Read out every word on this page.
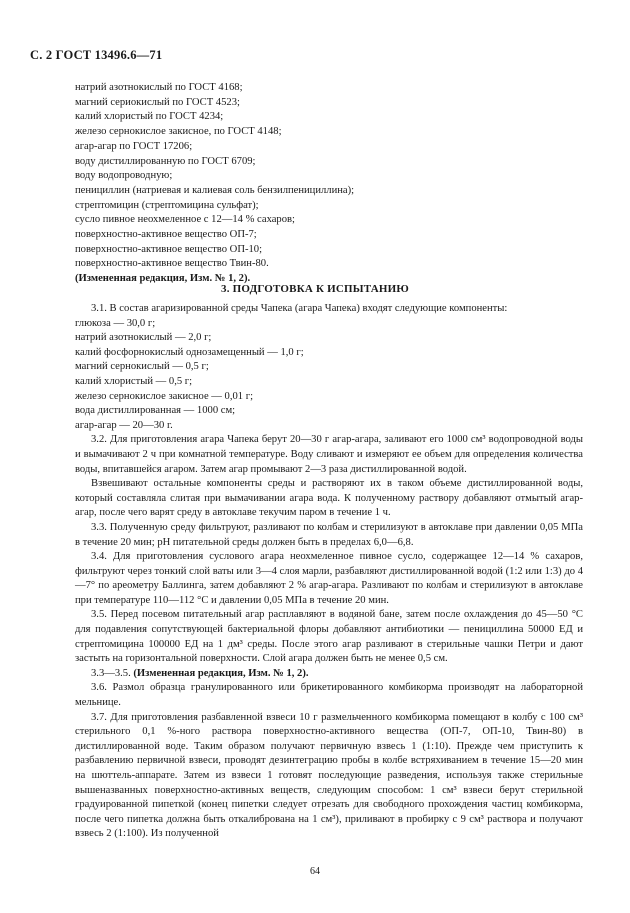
С. 2 ГОСТ 13496.6—71
натрий азотнокислый по ГОСТ 4168;
магний сериокислый по ГОСТ 4523;
калий хлористый по ГОСТ 4234;
железо сернокислое закисное, по ГОСТ 4148;
агар-агар по ГОСТ 17206;
воду дистиллированную по ГОСТ 6709;
воду водопроводную;
пенициллин (натриевая и калиевая соль бензилпенициллина);
стрептомицин (стрептомицина сульфат);
сусло пивное неохмеленное с 12—14 % сахаров;
поверхностно-активное вещество ОП-7;
поверхностно-активное вещество ОП-10;
поверхностно-активное вещество Твин-80.
(Измененная редакция, Изм. № 1, 2).
3. ПОДГОТОВКА К ИСПЫТАНИЮ

3.1. В состав агаризированной среды Чапека (агара Чапека) входят следующие компоненты:

глюкоза — 30,0 г;

натрий азотнокислый — 2,0 г;

калий фосфорнокислый однозамещенный — 1,0 г;

магний сернокислый — 0,5 г;

калий хлористый — 0,5 г;

железо сернокислое закисное — 0,01 г;

вода дистиллированная — 1000 см;

агар-агар — 20—30 г.

3.2. Для приготовления агара Чапека берут 20—30 г агар-агара, заливают его 1000 см³ водопроводной воды и вымачивают 2 ч при комнатной температуре. Воду сливают и измеряют ее объем для определения количества воды, впитавшейся агаром. Затем агар промывают 2—3 раза дистиллированной водой.

Взвешивают остальные компоненты среды и растворяют их в таком объеме дистиллированной воды, который составляла слитая при вымачивании агара вода. К полученному раствору добавляют отмытый агар-агар, после чего варят среду в автоклаве текучим паром в течение 1 ч.

3.3. Полученную среду фильтруют, разливают по колбам и стерилизуют в автоклаве при давлении 0,05 МПа в течение 20 мин; pH питательной среды должен быть в пределах 6,0—6,8.

3.4. Для приготовления суслового агара неохмеленное пивное сусло, содержащее 12—14 % сахаров, фильтруют через тонкий слой ваты или 3—4 слоя марли, разбавляют дистиллированной водой (1:2 или 1:3) до 4—7° по ареометру Баллинга, затем добавляют 2 % агар-агара. Разливают по колбам и стерилизуют в автоклаве при температуре 110—112 °С и давлении 0,05 МПа в течение 20 мин.

3.5. Перед посевом питательный агар расплавляют в водяной бане, затем после охлаждения до 45—50 °С для подавления сопутствующей бактериальной флоры добавляют антибиотики — пенициллина 50000 ЕД и стрептомицина 100000 ЕД на 1 дм³ среды. После этого агар разливают в стерильные чашки Петри и дают застыть на горизонтальной поверхности. Слой агара должен быть не менее 0,5 см.

3.3—3.5. (Измененная редакция, Изм. № 1, 2).

3.6. Размол образца гранулированного или брикетированного комбикорма производят на лабораторной мельнице.

3.7. Для приготовления разбавленной взвеси 10 г размельченного комбикорма помещают в колбу с 100 см³ стерильного 0,1 %-ного раствора поверхностно-активного вещества (ОП-7, ОП-10, Твин-80) в дистиллированной воде. Таким образом получают первичную взвесь 1 (1:10). Прежде чем приступить к разбавлению первичной взвеси, проводят дезинтеграцию пробы в колбе встряхиванием в течение 15—20 мин на шюттель-аппарате. Затем из взвеси 1 готовят последующие разведения, используя также стерильные вышеназванных поверхностно-активных веществ, следующим способом: 1 см³ взвеси берут стерильной градуированной пипеткой (конец пипетки следует отрезать для свободного прохождения частиц комбикорма, после чего пипетка должна быть откалиброванa на 1 см³), приливают в пробирку с 9 см³ раствора и получают взвесь 2 (1:100). Из полученной

64
